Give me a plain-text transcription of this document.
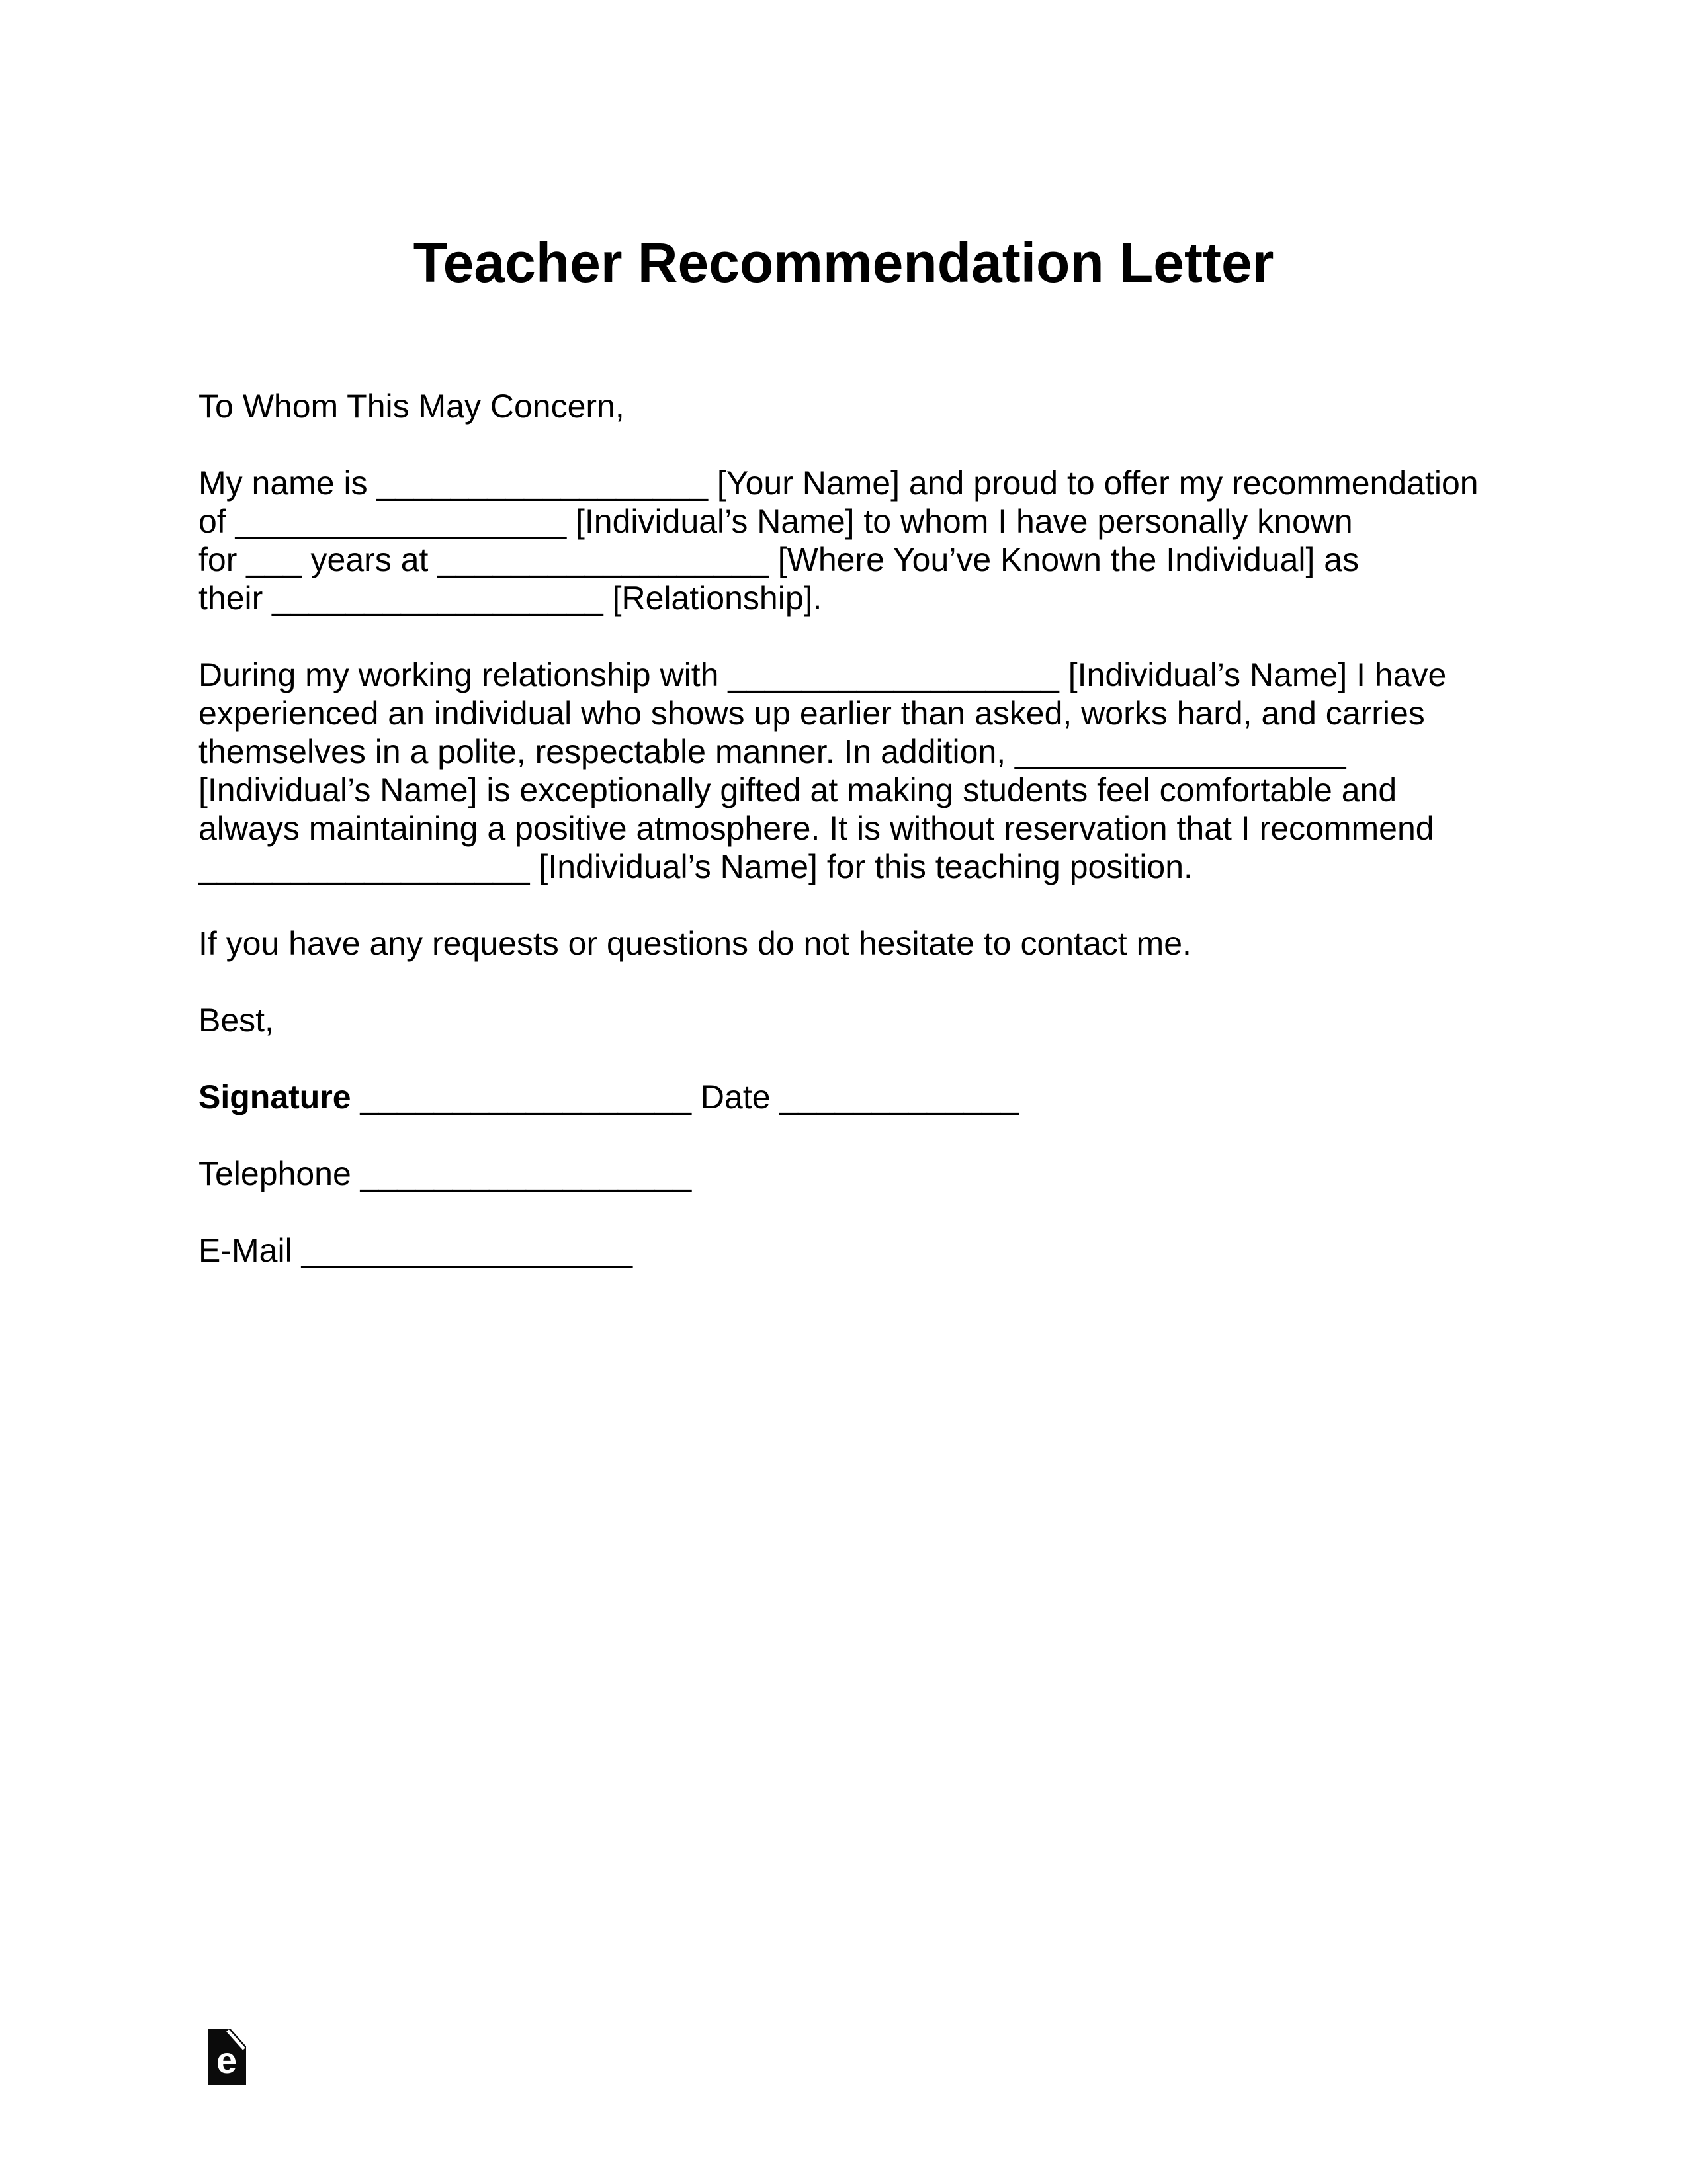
Teacher Recommendation Letter
To Whom This May Concern,
My name is __________________ [Your Name] and proud to offer my recommendation
of __________________ [Individual’s Name] to whom I have personally known
for ___ years at __________________ [Where You’ve Known the Individual] as
their __________________ [Relationship].
During my working relationship with __________________ [Individual’s Name] I have
experienced an individual who shows up earlier than asked, works hard, and carries
themselves in a polite, respectable manner. In addition, __________________
[Individual’s Name] is exceptionally gifted at making students feel comfortable and
always maintaining a positive atmosphere. It is without reservation that I recommend
__________________ [Individual’s Name] for this teaching position.
If you have any requests or questions do not hesitate to contact me.
Best,
Signature __________________ Date _____________
Telephone __________________
E-Mail __________________
e
